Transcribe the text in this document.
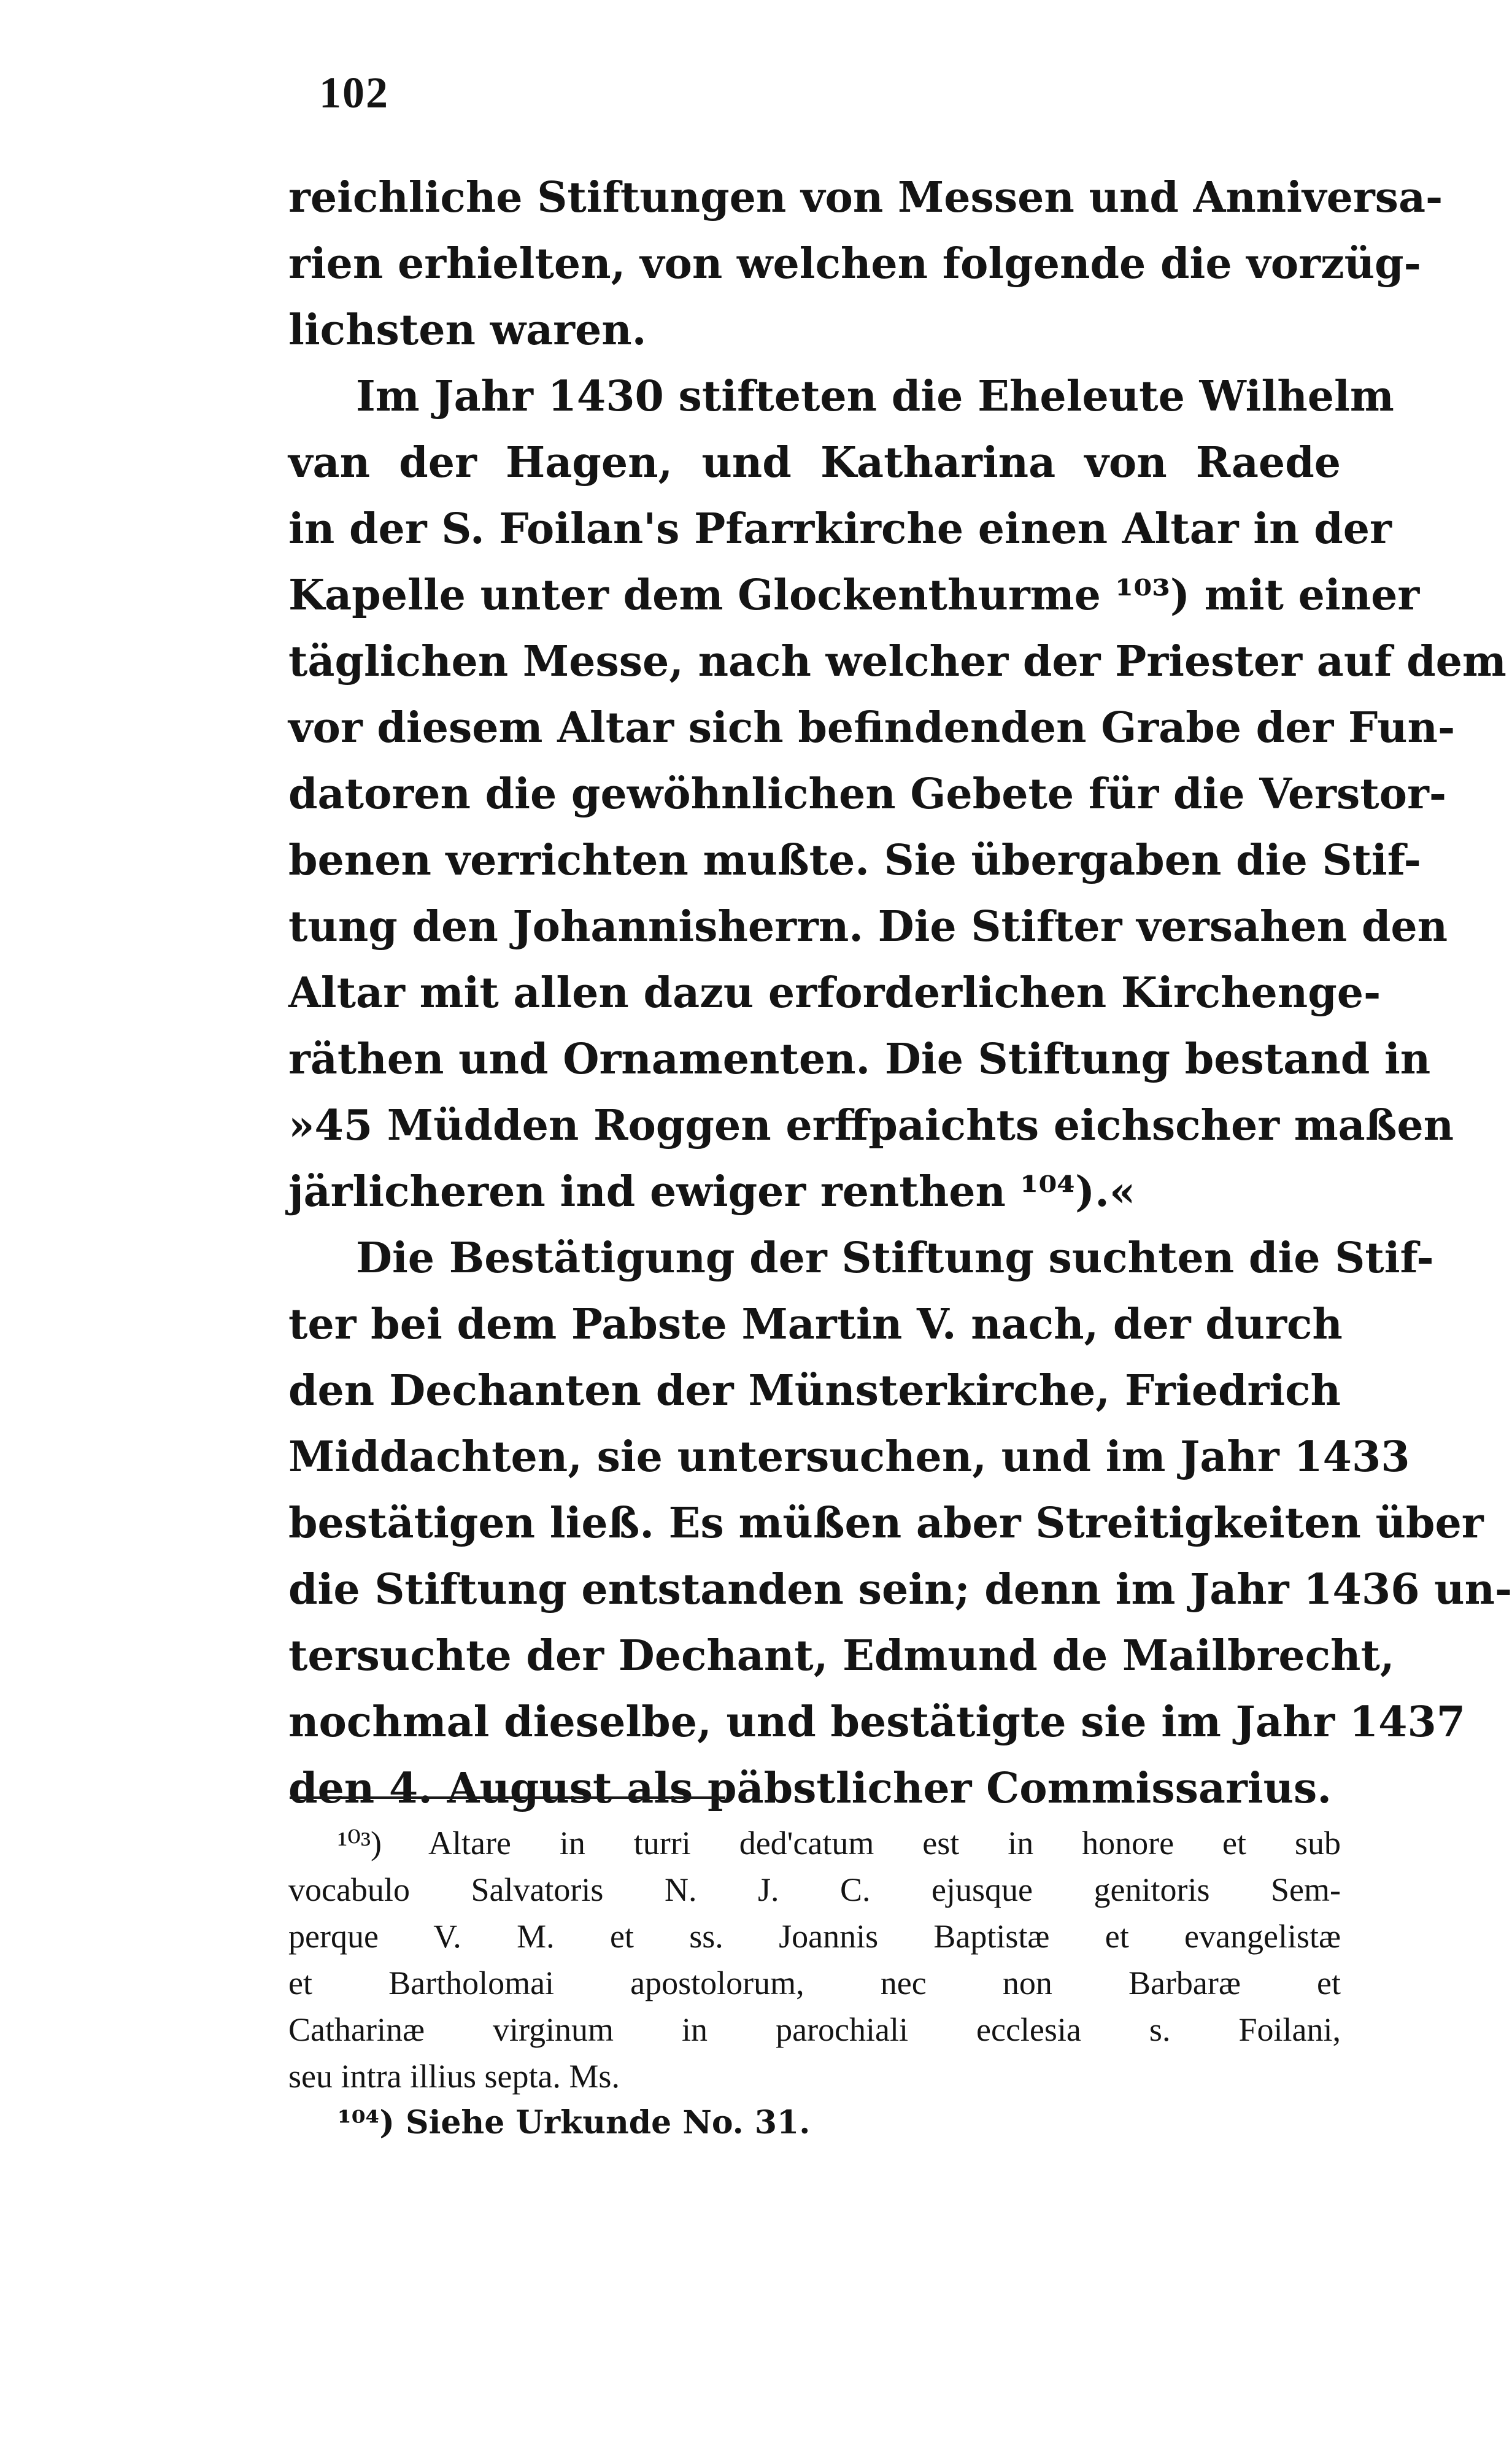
102
reichliche Stiftungen von Messen und Anniversa-
rien erhielten, von welchen folgende die vorzüg-
lichsten waren.
Im Jahr 1430 stifteten die Eheleute Wilhelm
van der Hagen, und Katharina von Raede
in der S. Foilan's Pfarrkirche einen Altar in der
Kapelle unter dem Glockenthurme ¹⁰³) mit einer
täglichen Messe, nach welcher der Priester auf dem
vor diesem Altar sich befindenden Grabe der Fun-
datoren die gewöhnlichen Gebete für die Verstor-
benen verrichten mußte. Sie übergaben die Stif-
tung den Johannisherrn. Die Stifter versahen den
Altar mit allen dazu erforderlichen Kirchenge-
räthen und Ornamenten. Die Stiftung bestand in
»45 Müdden Roggen erffpaichts eichscher maßen
järlicheren ind ewiger renthen ¹⁰⁴).«
Die Bestätigung der Stiftung suchten die Stif-
ter bei dem Pabste Martin V. nach, der durch
den Dechanten der Münsterkirche, Friedrich
Middachten, sie untersuchen, und im Jahr 1433
bestätigen ließ. Es müßen aber Streitigkeiten über
die Stiftung entstanden sein; denn im Jahr 1436 un-
tersuchte der Dechant, Edmund de Mailbrecht,
nochmal dieselbe, und bestätigte sie im Jahr 1437
den 4. August als päbstlicher Commissarius.
¹⁰³) Altare in turri ded'catum est in honore et sub
vocabulo Salvatoris N. J. C. ejusque genitoris Sem-
perque V. M. et ss. Joannis Baptistæ et evangelistæ
et Bartholomai apostolorum, nec non Barbaræ et
Catharinæ virginum in parochiali ecclesia s. Foilani,
seu intra illius septa. Ms.
¹⁰⁴) Siehe Urkunde No. 31.
